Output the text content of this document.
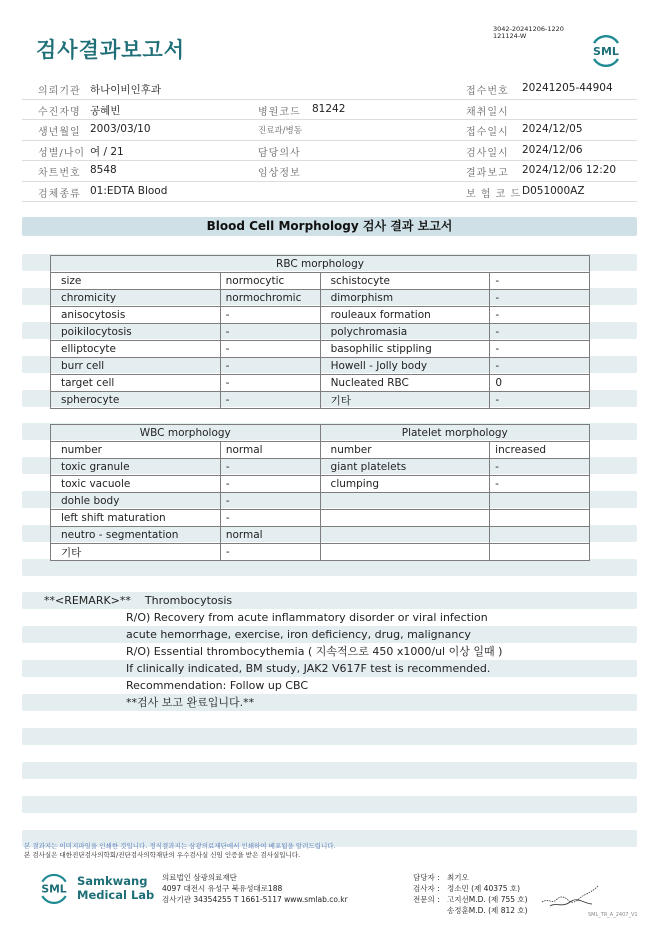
검사결과보고서
3042-20241206-1220
121124-W
SML
의뢰기관 하나이비인후과	접수번호 20241205-44904
수진자명 공혜빈	병원코드 81242	채취일시
생년월일 2003/03/10	진료과/병동	접수일시 2024/12/05
성별/나이 여 / 21	담당의사	검사일시 2024/12/06
차트번호 8548	임상정보	결과보고 2024/12/06 12:20
검체종류 01:EDTA Blood	보 험 코 드 D051000AZ
Blood Cell Morphology 검사 결과 보고서
RBC morphology			
size	normocytic	schistocyte	-
chromicity	normochromic	dimorphism	-
anisocytosis	-	rouleaux formation	-
poikilocytosis	-	polychromasia	-
elliptocyte	-	basophilic stippling	-
burr cell	-	Howell - Jolly body	-
target cell	-	Nucleated RBC	0
spherocyte	-	기타	-
WBC morphology		Platelet morphology	
number	normal	number	increased
toxic granule	-	giant platelets	-
toxic vacuole	-	clumping	-
dohle body	-		
left shift maturation	-		
neutro - segmentation	normal		
기타	-		
**<REMARK>** Thrombocytosis
R/O) Recovery from acute inflammatory disorder or viral infection
acute hemorrhage, exercise, iron deficiency, drug, malignancy
R/O) Essential thrombocythemia ( 지속적으로 450 x1000/ul 이상 일때 )
If clinically indicated, BM study, JAK2 V617F test is recommended.
Recommendation: Follow up CBC
**검사 보고 완료입니다.**
본 결과지는 이미지파일을 인쇄한 것입니다. 정식결과지는 삼광의료재단에서 인쇄하여 배포됨을 알려드립니다.
본 검사실은 대한진단검사의학회/진단검사의학재단의 우수검사실 신임 인증을 받은 검사실입니다.
SML
Samkwang
Medical Lab
의료법인 삼광의료재단
4097 대전시 유성구 북유성대로188
검사기관 34354255 T 1661-5117 www.smlab.co.kr
담당자 : 최기오
검사자 : 정소민 (제 40375 호)
전문의 : 고지선M.D. (제 755 호)
송정훈M.D. (제 812 호)	SML_TR_A_2407_V1
